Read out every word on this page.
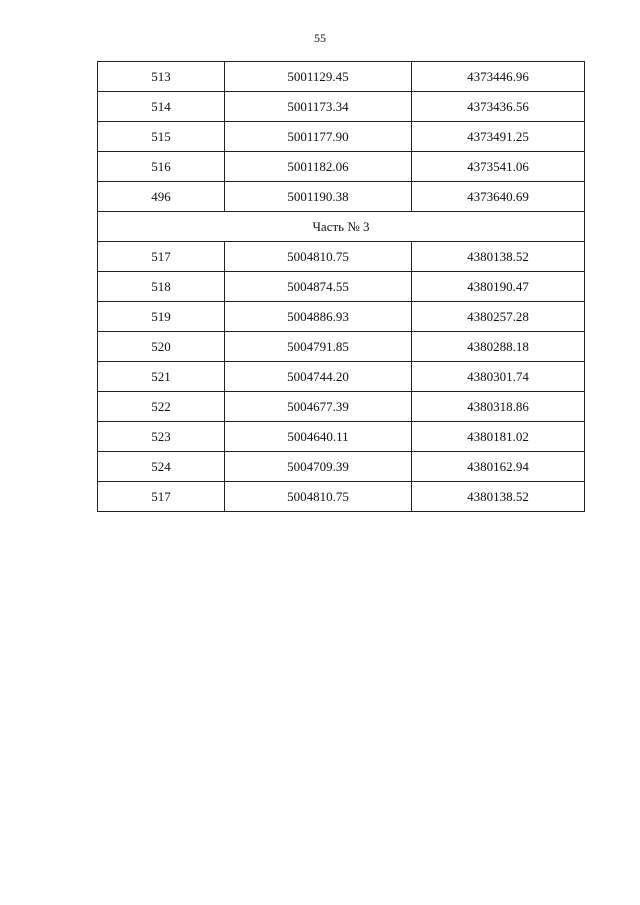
55
513	5001129.45	4373446.96
514	5001173.34	4373436.56
515	5001177.90	4373491.25
516	5001182.06	4373541.06
496	5001190.38	4373640.69
Часть № 3		
517	5004810.75	4380138.52
518	5004874.55	4380190.47
519	5004886.93	4380257.28
520	5004791.85	4380288.18
521	5004744.20	4380301.74
522	5004677.39	4380318.86
523	5004640.11	4380181.02
524	5004709.39	4380162.94
517	5004810.75	4380138.52
